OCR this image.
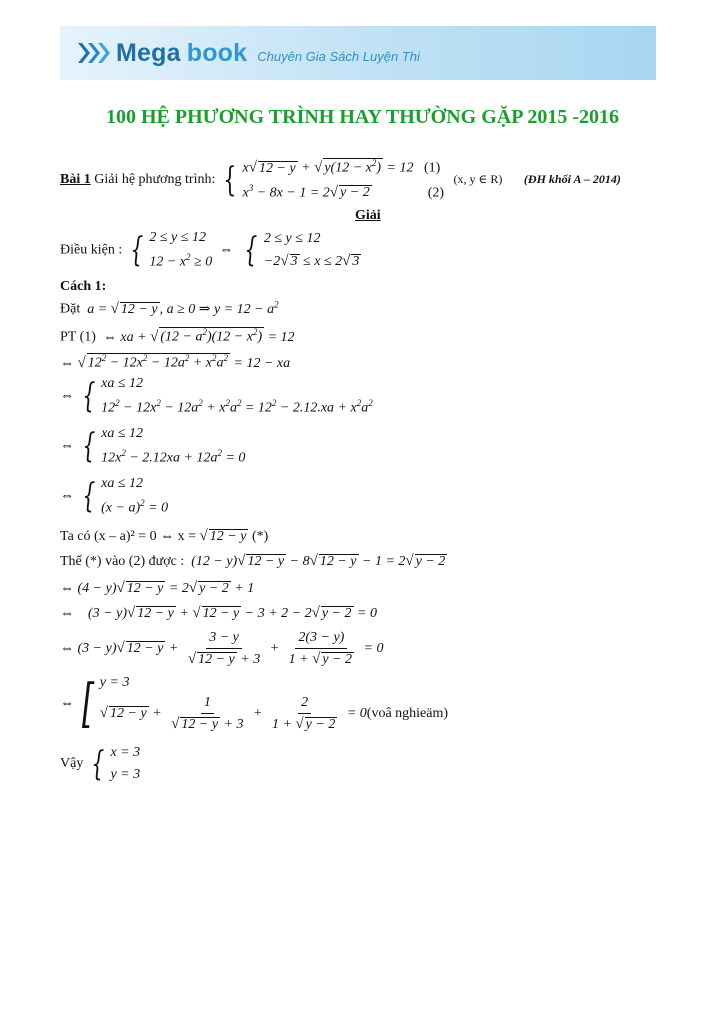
Mega book Chuyên Gia Sách Luyện Thi
100 HỆ PHƯƠNG TRÌNH HAY THƯỜNG GẶP 2015 -2016
Bài 1 Giải hệ phương trình: { x√ 12 − y + √ $y(12 - x^2) = 12$   (1)
$x^3 - 8x - 1 = 2√$ y − 2	(2)
(x, y ∈ R) (ĐH khối A – 2014)
Giải
Điều kiện : { 2 ≤ y ≤ 12
$12 - x^2 \ge 0$
⇔ { 2 ≤ y ≤ 12
−2√ 3 ≤ x ≤ 2√ 3
Cách 1:
Đặt  a = √ 12 − y , a ≥ 0 ⇒ $y = 12 - a^2$
PT (1)  ⇔ xa + √ $(12 - a^2)(12 - x^2) = 12$
⇔ √ $12^2 - 12x^2 - 12a^2 + x^2a^2 = 12$ − xa
⇔ { xa ≤ 12
$12^2 - 12x^2 - 12a^2 + x^2a^2 = 12^2 - 2.12.xa + x^2a^2$
⇔ { xa ≤ 12
$12x^2 - 2.12xa + 12a^2 = 0$
⇔ { xa ≤ 12
$(x - a)^2 = 0$
Ta có (x – a)² = 0 ⇔ x = √ 12 − y (*)
Thế (*) vào (2) được :  (12 − y)√ 12 − y − 8√ 12 − y − 1 = 2√ y − 2
⇔ (4 − y)√ 12 − y = 2√ y − 2 + 1
⇔    (3 − y)√ 12 − y + √ 12 − y − 3 + 2 − 2√ y − 2 = 0
⇔ (3 − y)√ $12 - y + \frac{3 - y}{√ 12 - y + 3} + \frac{2(3 - y)}{1 + √ y - 2} = 0$
⇔ [ y = 3
√ $12 - y + \frac{1}{√ 12 - y + 3} + \frac{2}{1 + √ y - 2}$ = 0(voâ nghieäm)
Vậy { x = 3
y = 3
